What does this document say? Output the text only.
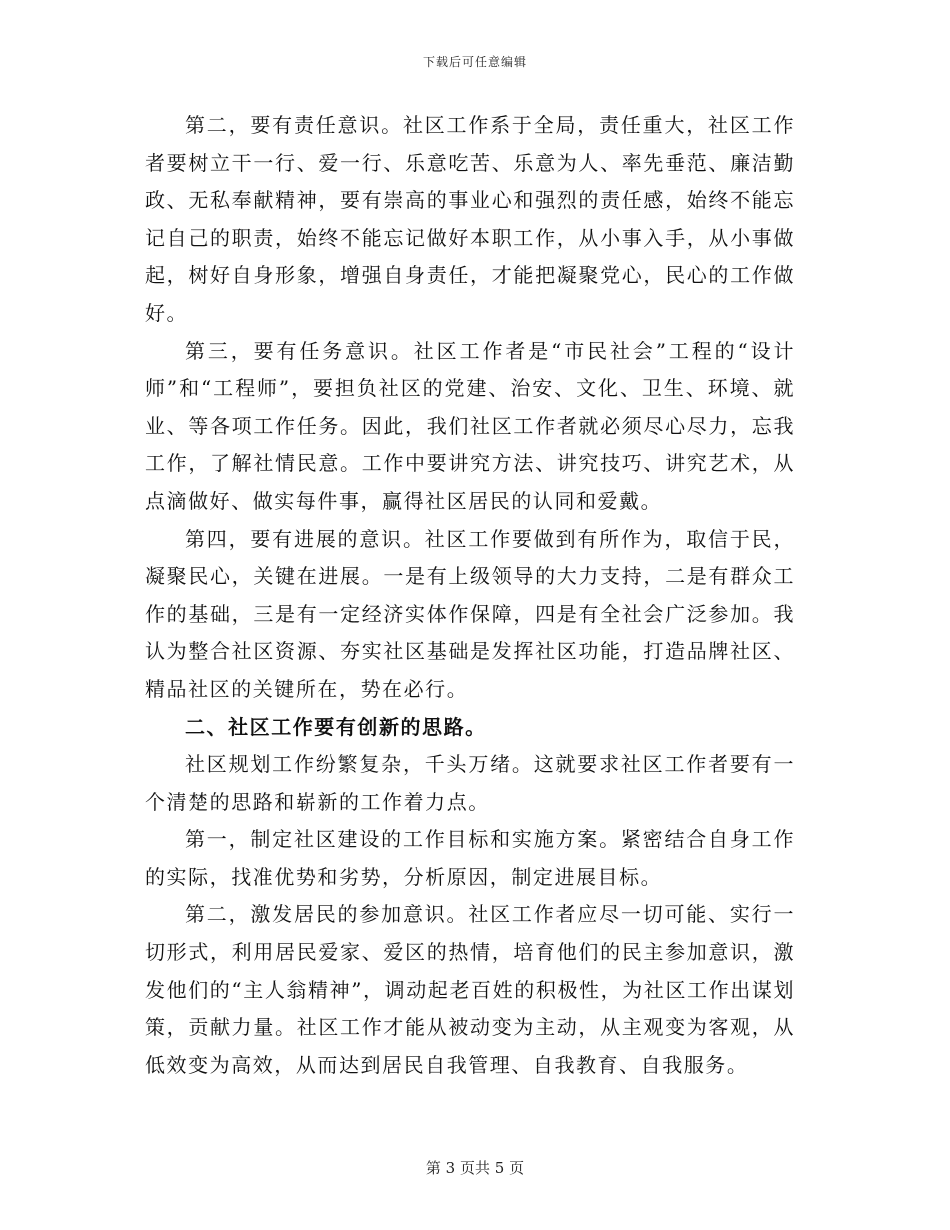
下载后可任意编辑

第二，要有责任意识。社区工作系于全局，责任重大，社区工作者要树立干一行、爱一行、乐意吃苦、乐意为人、率先垂范、廉洁勤政、无私奉献精神，要有崇高的事业心和强烈的责任感，始终不能忘记自己的职责，始终不能忘记做好本职工作，从小事入手，从小事做起，树好自身形象，增强自身责任，才能把凝聚党心，民心的工作做好。

第三，要有任务意识。社区工作者是“市民社会”工程的“设计师”和“工程师”，要担负社区的党建、治安、文化、卫生、环境、就业、等各项工作任务。因此，我们社区工作者就必须尽心尽力，忘我工作，了解社情民意。工作中要讲究方法、讲究技巧、讲究艺术，从点滴做好、做实每件事，赢得社区居民的认同和爱戴。

第四，要有进展的意识。社区工作要做到有所作为，取信于民，凝聚民心，关键在进展。一是有上级领导的大力支持，二是有群众工作的基础，三是有一定经济实体作保障，四是有全社会广泛参加。我认为整合社区资源、夯实社区基础是发挥社区功能，打造品牌社区、精品社区的关键所在，势在必行。

二、社区工作要有创新的思路。

社区规划工作纷繁复杂，千头万绪。这就要求社区工作者要有一个清楚的思路和崭新的工作着力点。

第一，制定社区建设的工作目标和实施方案。紧密结合自身工作的实际，找准优势和劣势，分析原因，制定进展目标。

第二，激发居民的参加意识。社区工作者应尽一切可能、实行一切形式，利用居民爱家、爱区的热情，培育他们的民主参加意识，激发他们的“主人翁精神”，调动起老百姓的积极性，为社区工作出谋划策，贡献力量。社区工作才能从被动变为主动，从主观变为客观，从低效变为高效，从而达到居民自我管理、自我教育、自我服务。

第 3 页共 5 页
